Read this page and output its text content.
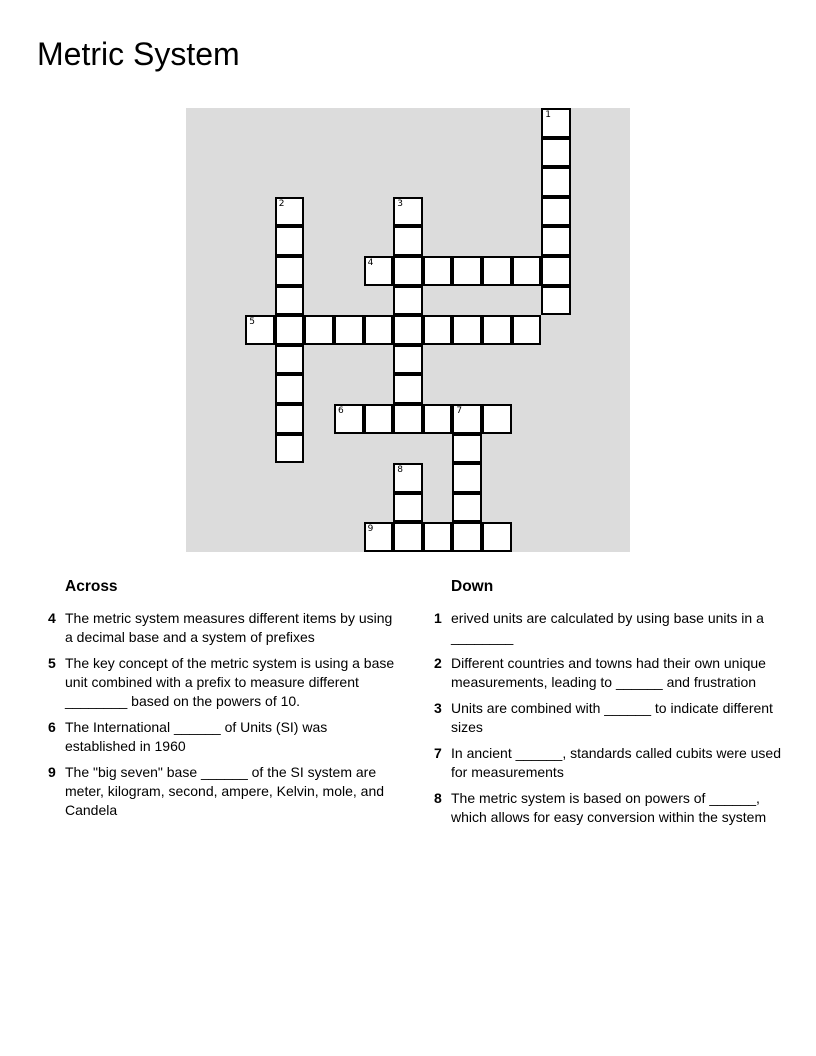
Metric System
1
2	3
4
5
6	7
8
9
Across
4 The metric system measures different items by using a decimal base and a system of prefixes
5 The key concept of the metric system is using a base unit combined with a prefix to measure different ________ based on the powers of 10.
6 The International ______ of Units (SI) was established in 1960
9 The "big seven" base ______ of the SI system are meter, kilogram, second, ampere, Kelvin, mole, and Candela
Down
1 erived units are calculated by using base units in a ________
2 Different countries and towns had their own unique measurements, leading to ______ and frustration
3 Units are combined with ______ to indicate different sizes
7 In ancient ______, standards called cubits were used for measurements
8 The metric system is based on powers of ______, which allows for easy conversion within the system
